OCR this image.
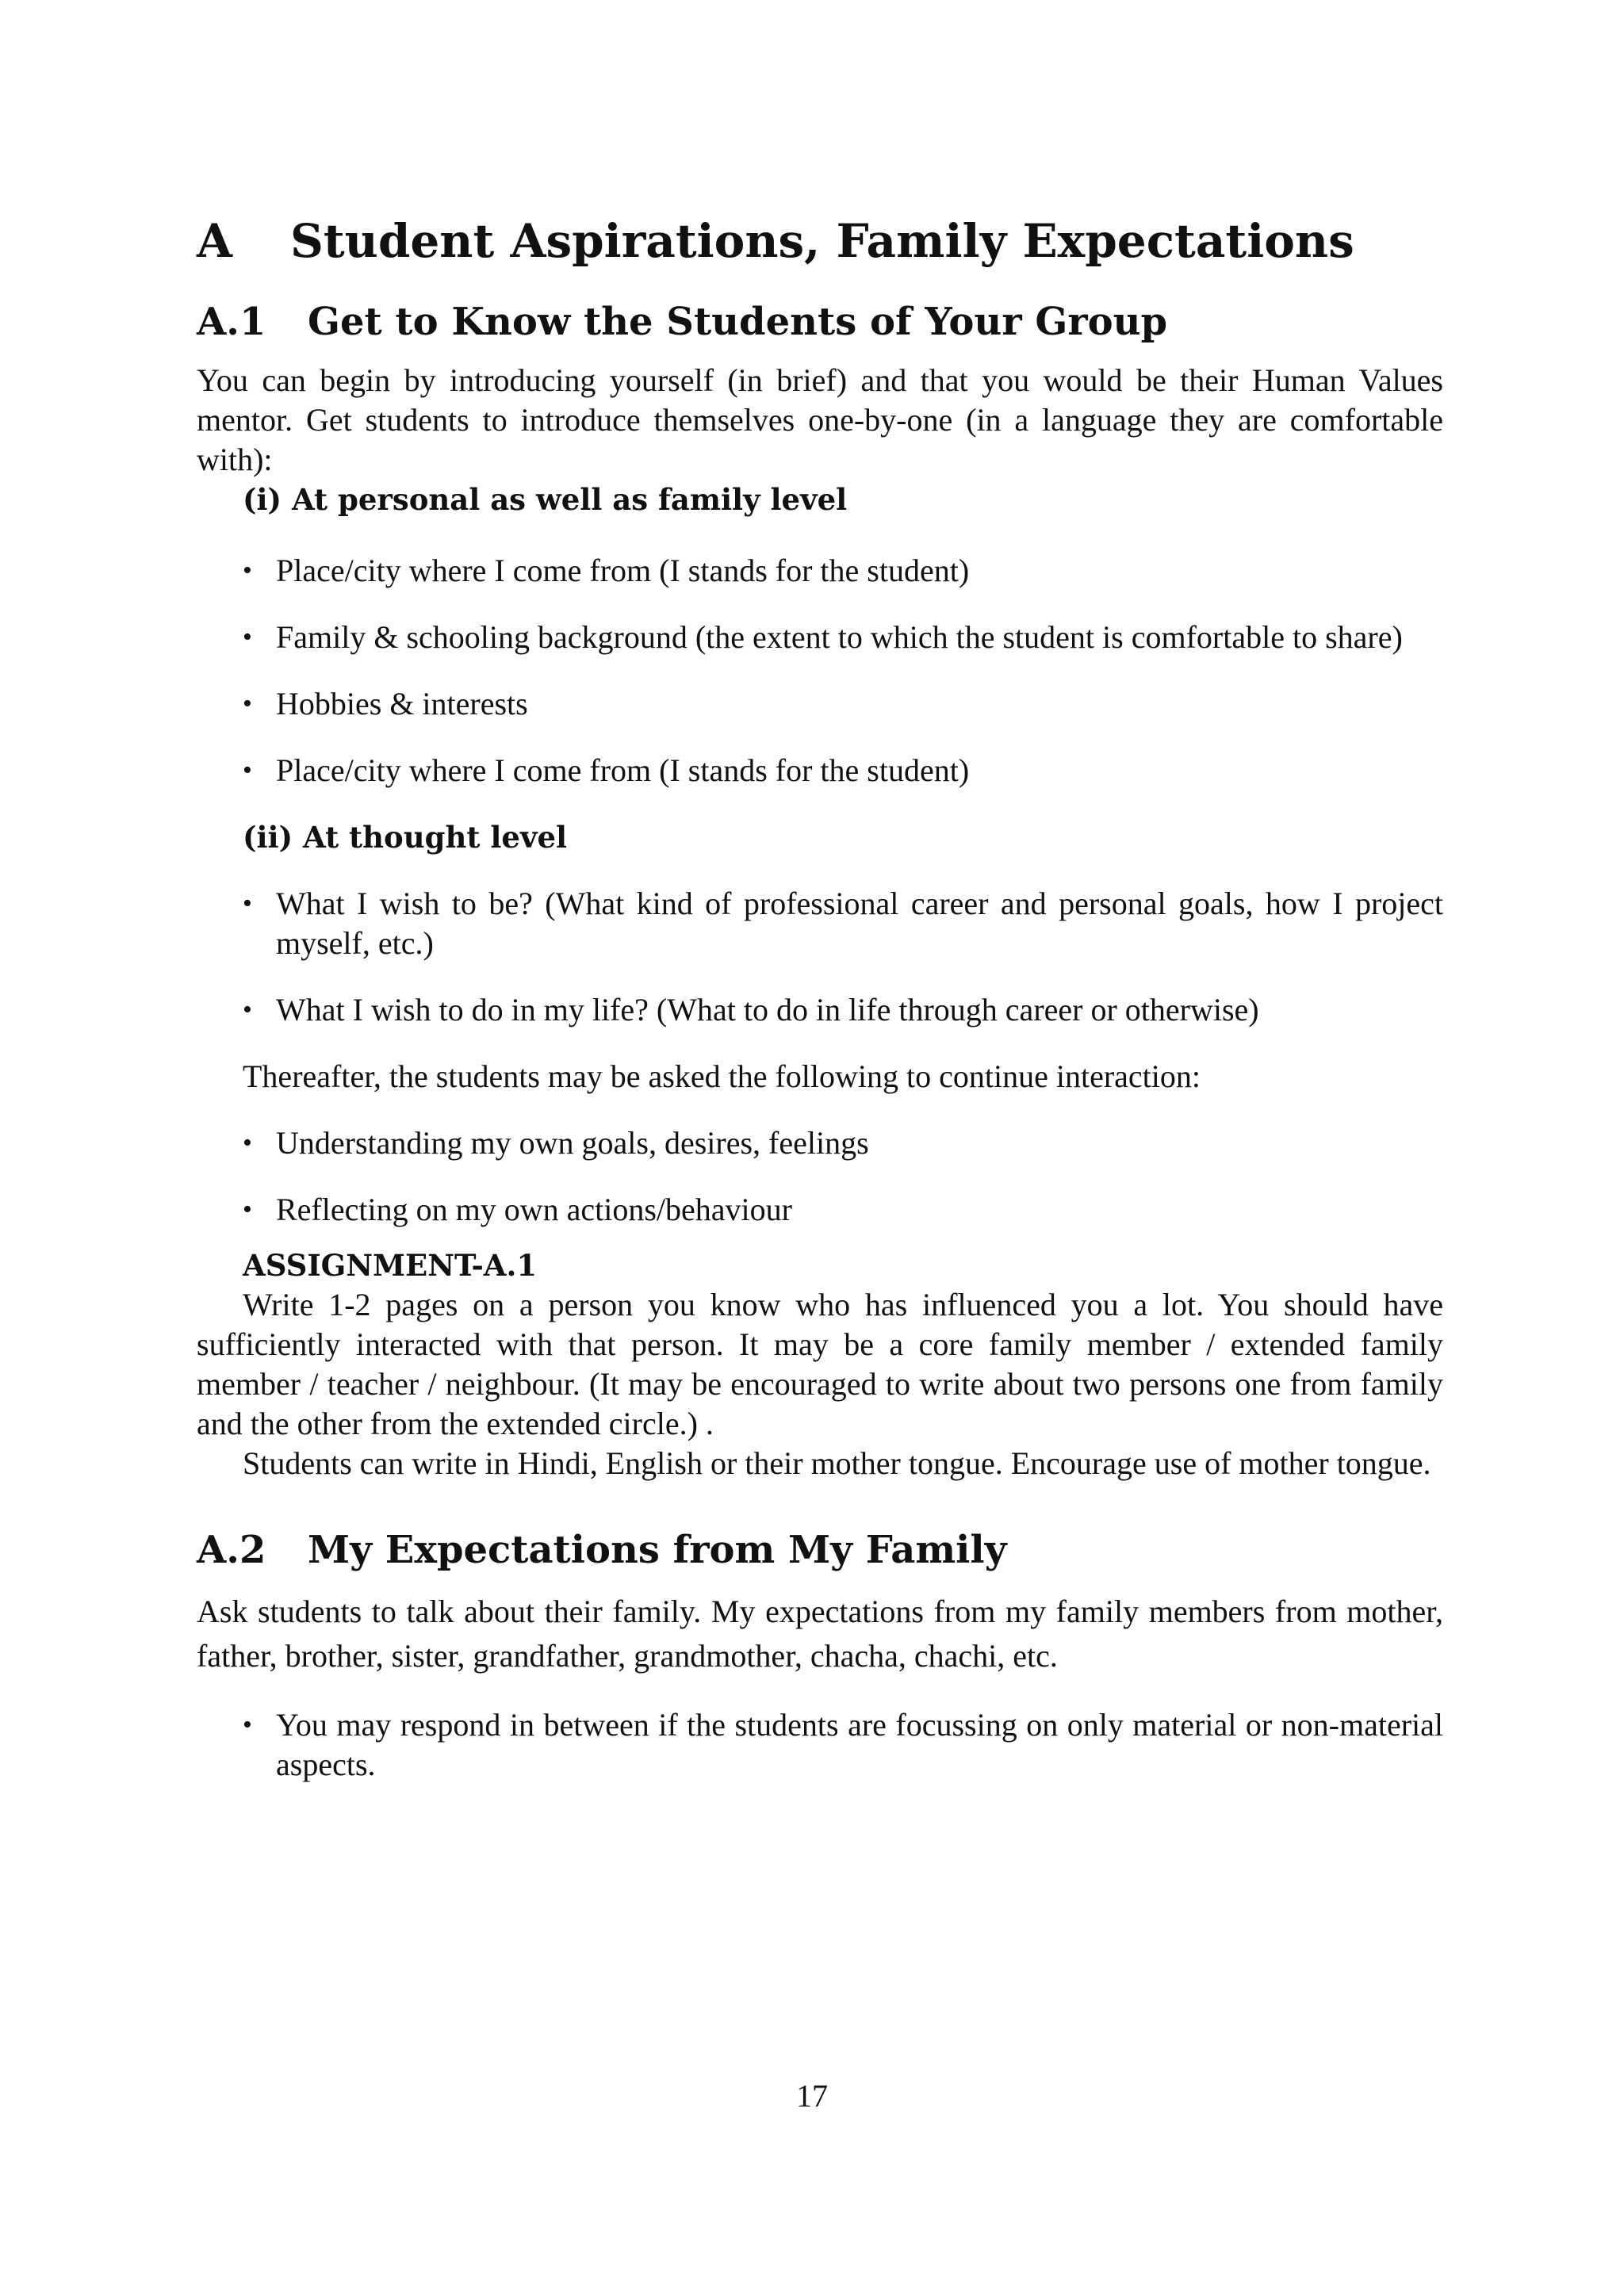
A	Student Aspirations, Family Expectations
A.1	Get to Know the Students of Your Group

You can begin by introducing yourself (in brief) and that you would be their Human Values mentor. Get students to introduce themselves one-by-one (in a language they are comfortable with):

(i) At personal as well as family level
• Place/city where I come from (I stands for the student)
• Family & schooling background (the extent to which the student is comfortable to share)
• Hobbies & interests
• Place/city where I come from (I stands for the student)
(ii) At thought level
• What I wish to be? (What kind of professional career and personal goals, how I project myself, etc.)
• What I wish to do in my life? (What to do in life through career or otherwise)

Thereafter, the students may be asked the following to continue interaction:

• Understanding my own goals, desires, feelings
• Reflecting on my own actions/behaviour
ASSIGNMENT-A.1

Write 1-2 pages on a person you know who has influenced you a lot. You should have sufficiently interacted with that person. It may be a core family member / extended family member / teacher / neighbour. (It may be encouraged to write about two persons one from family and the other from the extended circle.) .

Students can write in Hindi, English or their mother tongue. Encourage use of mother tongue.

A.2	My Expectations from My Family

Ask students to talk about their family. My expectations from my family members from mother, father, brother, sister, grandfather, grandmother, chacha, chachi, etc.

• You may respond in between if the students are focussing on only material or non-material aspects.
17
